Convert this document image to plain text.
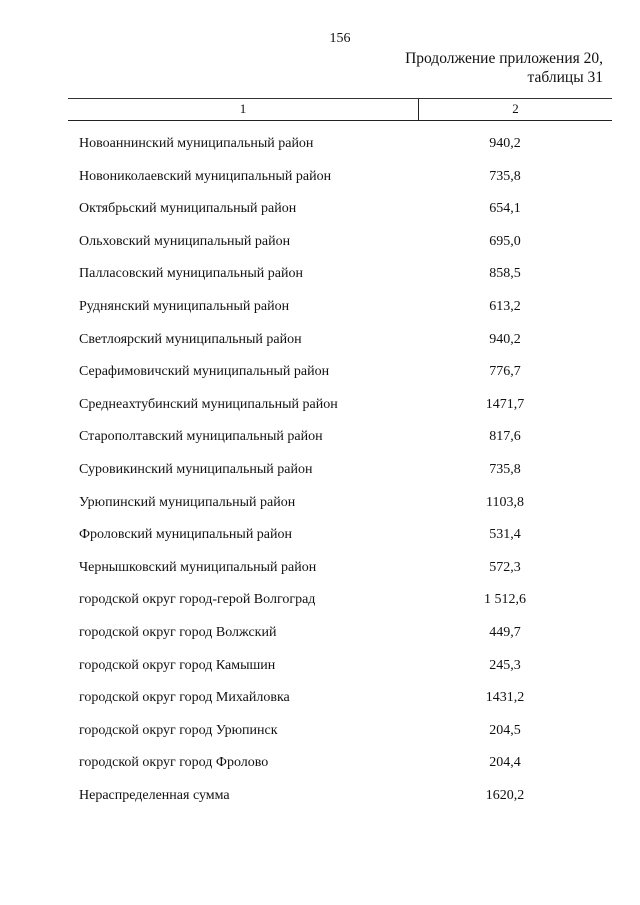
156
Продолжение приложения 20,
таблицы 31
1	2
Новоаннинский муниципальный район	940,2
Новониколаевский муниципальный район	735,8
Октябрьский муниципальный район	654,1
Ольховский муниципальный район	695,0
Палласовский муниципальный район	858,5
Руднянский муниципальный район	613,2
Светлоярский муниципальный район	940,2
Серафимовичский муниципальный район	776,7
Среднеахтубинский муниципальный район	1471,7
Старополтавский муниципальный район	817,6
Суровикинский муниципальный район	735,8
Урюпинский муниципальный район	1103,8
Фроловский муниципальный район	531,4
Чернышковский муниципальный район	572,3
городской округ город-герой Волгоград	1 512,6
городской округ город Волжский	449,7
городской округ город Камышин	245,3
городской округ город Михайловка	1431,2
городской округ город Урюпинск	204,5
городской округ город Фролово	204,4
Нераспределенная сумма	1620,2
